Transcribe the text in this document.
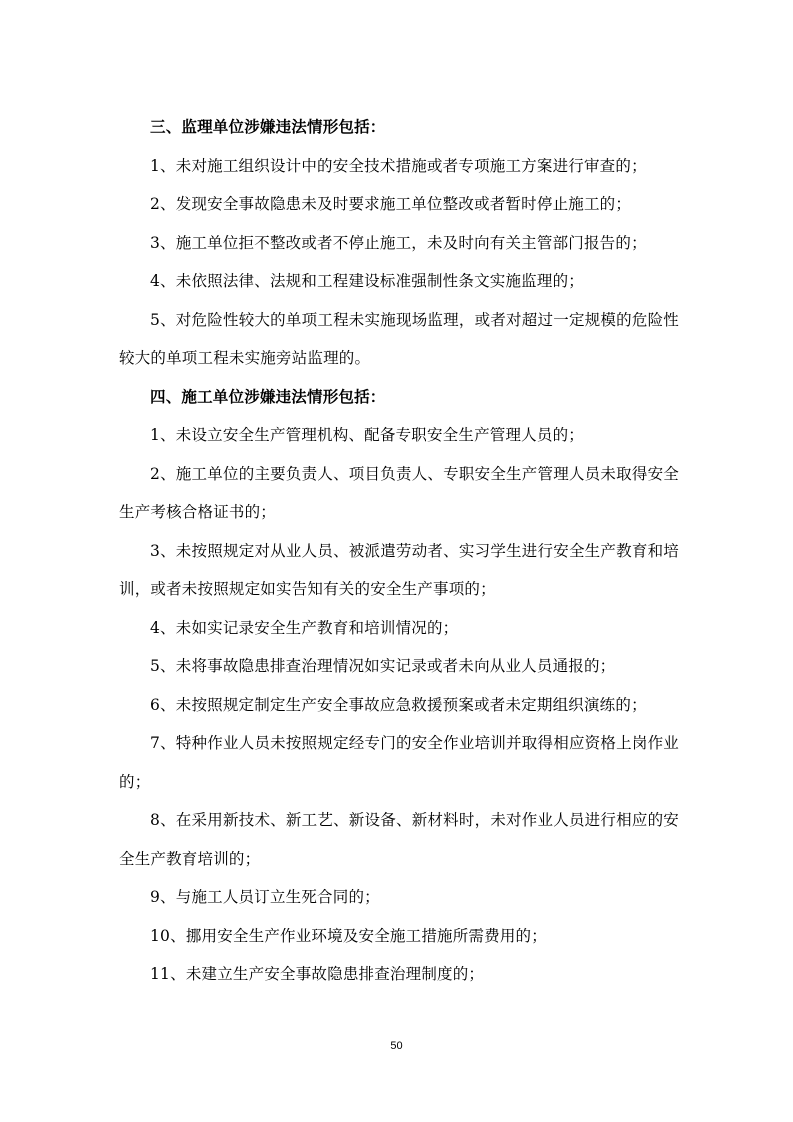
三、监理单位涉嫌违法情形包括：

1、未对施工组织设计中的安全技术措施或者专项施工方案进行审查的；

2、发现安全事故隐患未及时要求施工单位整改或者暂时停止施工的；

3、施工单位拒不整改或者不停止施工，未及时向有关主管部门报告的；

4、未依照法律、法规和工程建设标准强制性条文实施监理的；

5、对危险性较大的单项工程未实施现场监理，或者对超过一定规模的危险性较大的单项工程未实施旁站监理的。

四、施工单位涉嫌违法情形包括：

1、未设立安全生产管理机构、配备专职安全生产管理人员的；

2、施工单位的主要负责人、项目负责人、专职安全生产管理人员未取得安全生产考核合格证书的；

3、未按照规定对从业人员、被派遣劳动者、实习学生进行安全生产教育和培训，或者未按照规定如实告知有关的安全生产事项的；

4、未如实记录安全生产教育和培训情况的；

5、未将事故隐患排查治理情况如实记录或者未向从业人员通报的；

6、未按照规定制定生产安全事故应急救援预案或者未定期组织演练的；

7、特种作业人员未按照规定经专门的安全作业培训并取得相应资格上岗作业的；

8、在采用新技术、新工艺、新设备、新材料时，未对作业人员进行相应的安全生产教育培训的；

9、与施工人员订立生死合同的；

10、挪用安全生产作业环境及安全施工措施所需费用的；

11、未建立生产安全事故隐患排查治理制度的；

50
